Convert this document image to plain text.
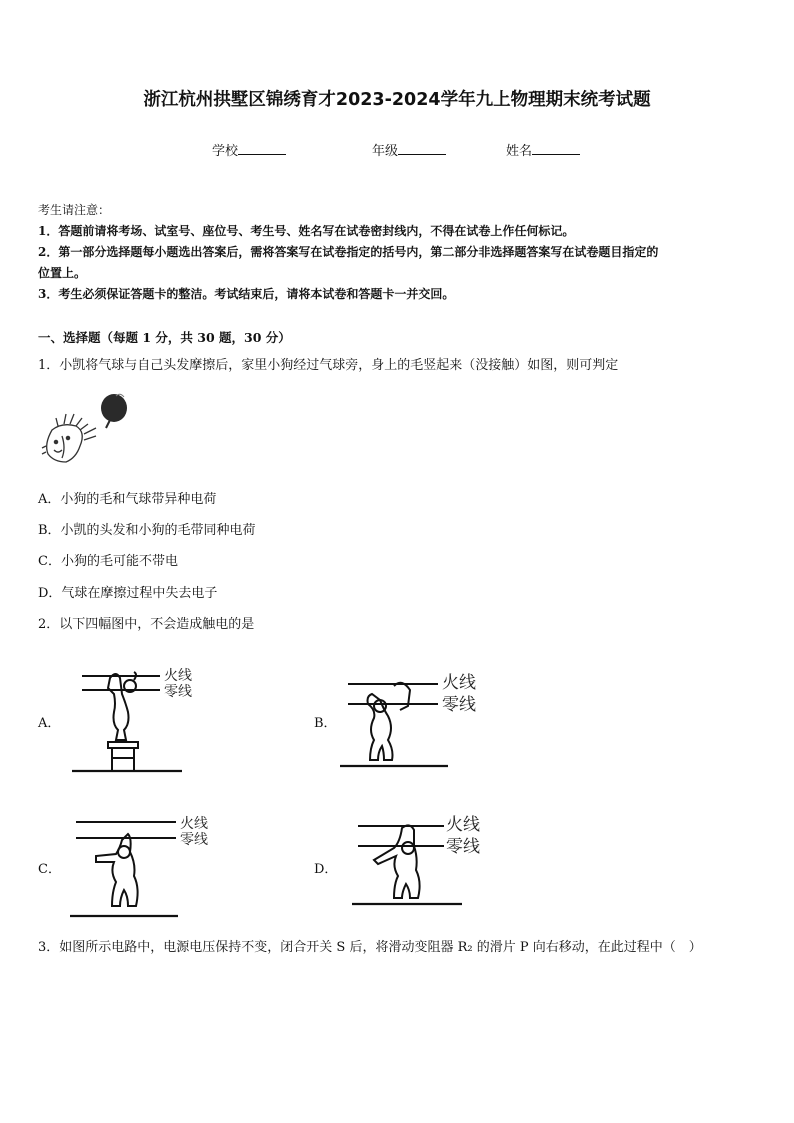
浙江杭州拱墅区锦绣育才2023-2024学年九上物理期末统考试题
学校	年级	姓名
考生请注意：
1．答题前请将考场、试室号、座位号、考生号、姓名写在试卷密封线内，不得在试卷上作任何标记。
2．第一部分选择题每小题选出答案后，需将答案写在试卷指定的括号内，第二部分非选择题答案写在试卷题目指定的
位置上。
3．考生必须保证答题卡的整洁。考试结束后，请将本试卷和答题卡一并交回。
一、选择题（每题 1 分，共 30 题，30 分）
1．小凯将气球与自己头发摩擦后，家里小狗经过气球旁，身上的毛竖起来（没接触）如图，则可判定
A．小狗的毛和气球带异种电荷
B．小凯的头发和小狗的毛带同种电荷
C．小狗的毛可能不带电
D．气球在摩擦过程中失去电子
2．以下四幅图中，不会造成触电的是
A．
火线
零线
B．
火线
零线
C．
火线
零线
D．
火线
零线
3．如图所示电路中，电源电压保持不变，闭合开关 S 后，将滑动变阻器 R₂ 的滑片 P 向右移动，在此过程中（　）
